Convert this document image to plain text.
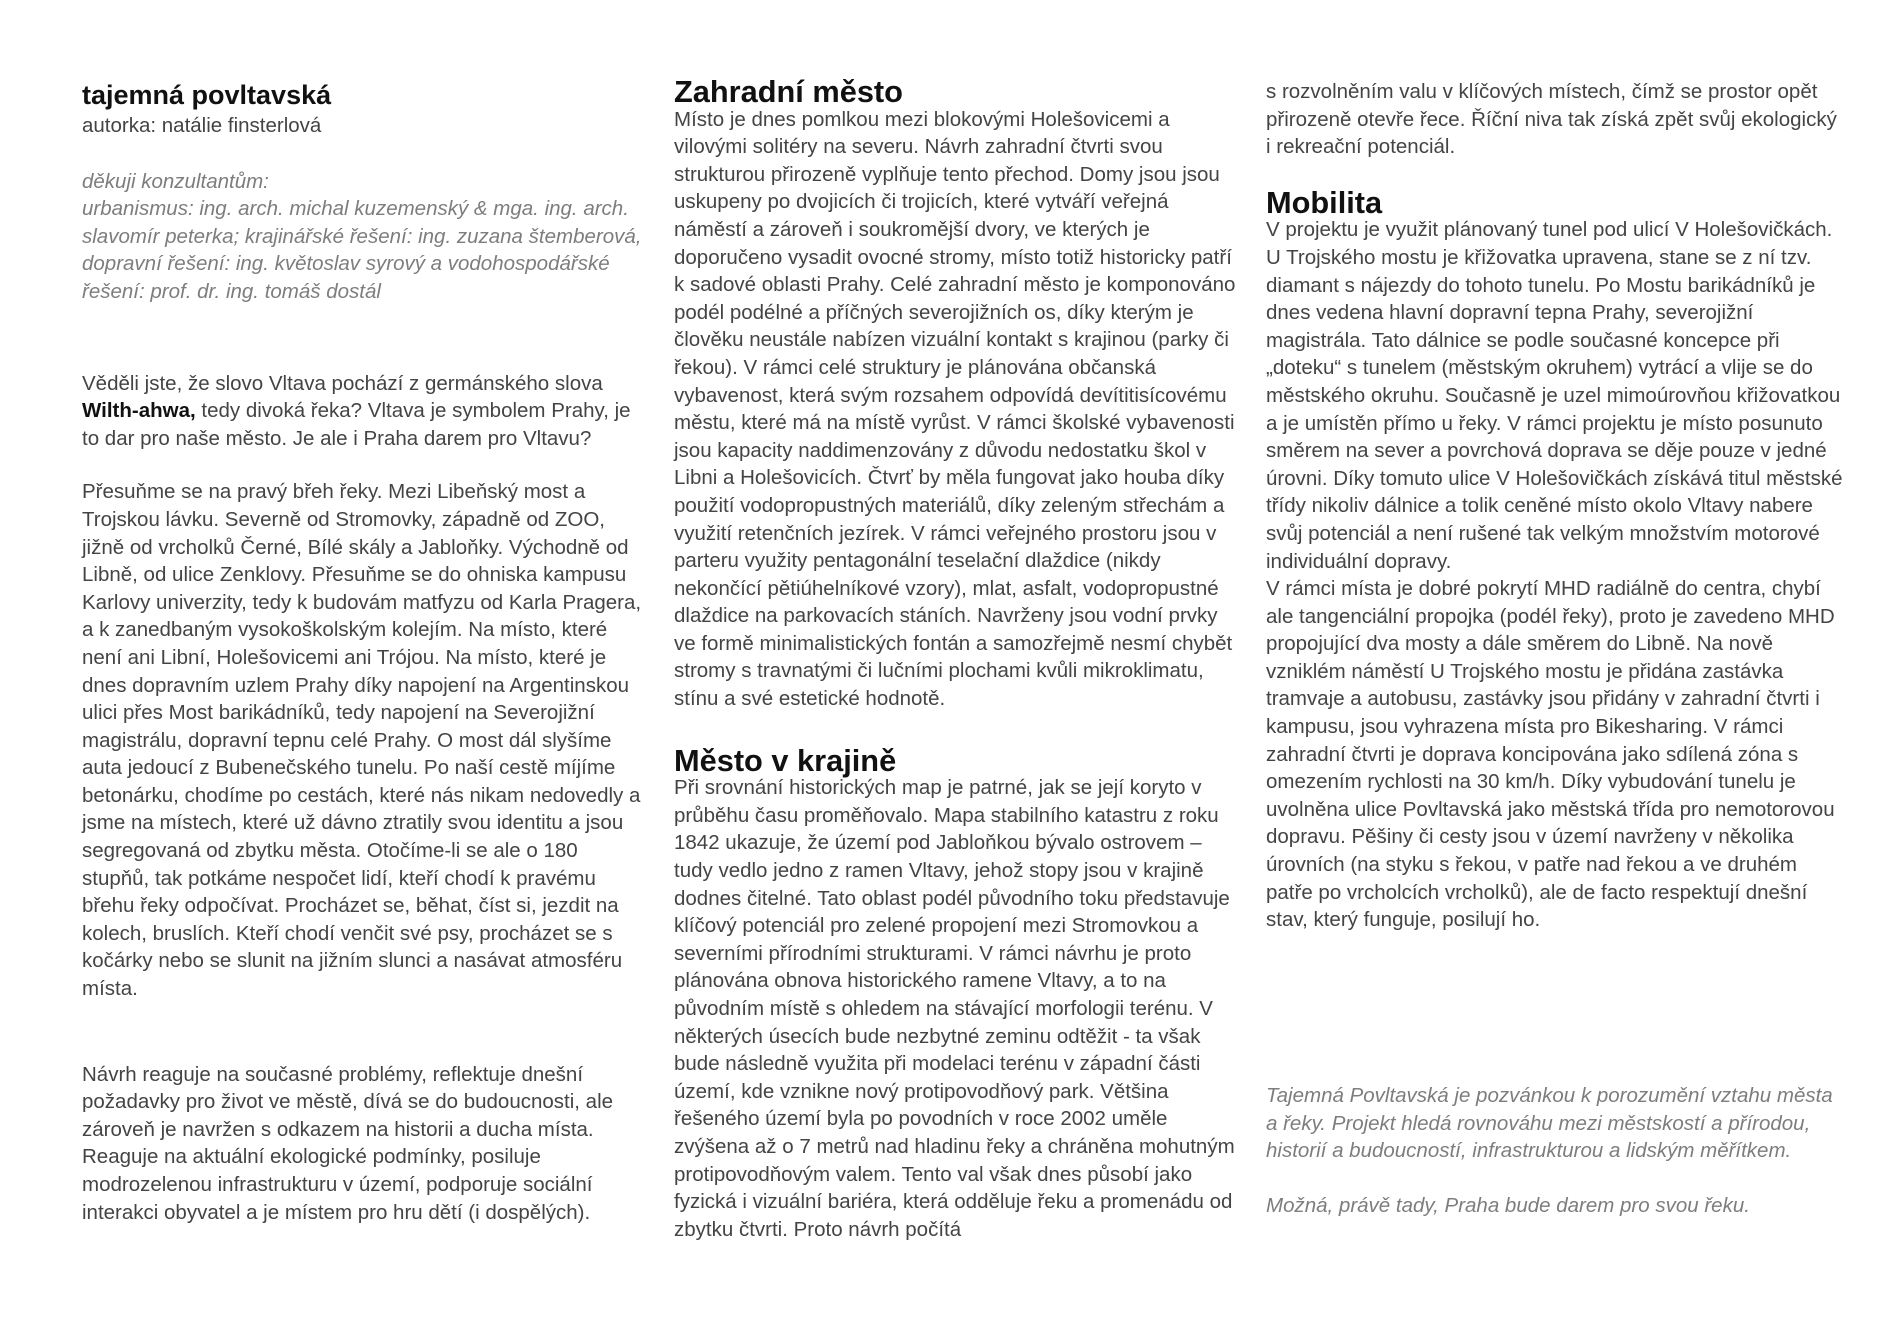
tajemná povltavská

autorka: natálie finsterlová

děkuji konzultantům:

urbanismus: ing. arch. michal kuzemenský & mga. ing. arch. slavomír peterka; krajinářské řešení: ing. zuzana štemberová, dopravní řešení: ing. květoslav syrový a vodohospodářské řešení: prof. dr. ing. tomáš dostál

Věděli jste, že slovo Vltava pochází z germánského slova Wilth-ahwa, tedy divoká řeka? Vltava je symbolem Prahy, je to dar pro naše město. Je ale i Praha darem pro Vltavu?

Přesuňme se na pravý břeh řeky. Mezi Libeňský most a Trojskou lávku. Severně od Stromovky, západně od ZOO, jižně od vrcholků Černé, Bílé skály a Jabloňky. Východně od Libně, od ulice Zenklovy. Přesuňme se do ohniska kampusu Karlovy univerzity, tedy k budovám matfyzu od Karla Pragera, a k zanedbaným vysokoškolským kolejím. Na místo, které není ani Libní, Holešovicemi ani Trójou. Na místo, které je dnes dopravním uzlem Prahy díky napojení na Argentinskou ulici přes Most barikádníků, tedy napojení na Severojižní magistrálu, dopravní tepnu celé Prahy. O most dál slyšíme auta jedoucí z Bubenečského tunelu. Po naší cestě míjíme betonárku, chodíme po cestách, které nás nikam nedovedly a jsme na místech, které už dávno ztratily svou identitu a jsou segregovaná od zbytku města. Otočíme-li se ale o 180 stupňů, tak potkáme nespočet lidí, kteří chodí k pravému břehu řeky odpočívat. Procházet se, běhat, číst si, jezdit na kolech, bruslích. Kteří chodí venčit své psy, procházet se s kočárky nebo se slunit na jižním slunci a nasávat atmosféru místa.

Návrh reaguje na současné problémy, reflektuje dnešní požadavky pro život ve městě, dívá se do budoucnosti, ale zároveň je navržen s odkazem na historii a ducha místa. Reaguje na aktuální ekologické podmínky, posiluje modrozelenou infrastrukturu v území, podporuje sociální interakci obyvatel a je místem pro hru dětí (i dospělých).

Zahradní město

Místo je dnes pomlkou mezi blokovými Holešovicemi a vilovými solitéry na severu. Návrh zahradní čtvrti svou strukturou přirozeně vyplňuje tento přechod. Domy jsou jsou uskupeny po dvojicích či trojicích, které vytváří veřejná náměstí a zároveň i soukromější dvory, ve kterých je doporučeno vysadit ovocné stromy, místo totiž historicky patří k sadové oblasti Prahy. Celé zahradní město je komponováno podél podélné a příčných severojižních os, díky kterým je člověku neustále nabízen vizuální kontakt s krajinou (parky či řekou). V rámci celé struktury je plánována občanská vybavenost, která svým rozsahem odpovídá devítitisícovému městu, které má na místě vyrůst. V rámci školské vybavenosti jsou kapacity naddimenzovány z důvodu nedostatku škol v Libni a Holešovicích. Čtvrť by měla fungovat jako houba díky použití vodopropustných materiálů, díky zeleným střechám a využití retenčních jezírek. V rámci veřejného prostoru jsou v parteru využity pentagonální teselační dlaždice (nikdy nekončící pětiúhelníkové vzory), mlat, asfalt, vodopropustné dlaždice na parkovacích stáních. Navrženy jsou vodní prvky ve formě minimalistických fontán a samozřejmě nesmí chybět stromy s travnatými či lučními plochami kvůli mikroklimatu, stínu a své estetické hodnotě.

Město v krajině

Při srovnání historických map je patrné, jak se její koryto v průběhu času proměňovalo. Mapa stabilního katastru z roku 1842 ukazuje, že území pod Jabloňkou bývalo ostrovem – tudy vedlo jedno z ramen Vltavy, jehož stopy jsou v krajině dodnes čitelné. Tato oblast podél původního toku představuje klíčový potenciál pro zelené propojení mezi Stromovkou a severními přírodními strukturami. V rámci návrhu je proto plánována obnova historického ramene Vltavy, a to na původním místě s ohledem na stávající morfologii terénu. V některých úsecích bude nezbytné zeminu odtěžit - ta však bude následně využita při modelaci terénu v západní části území, kde vznikne nový protipovodňový park. Většina řešeného území byla po povodních v roce 2002 uměle zvýšena až o 7 metrů nad hladinu řeky a chráněna mohutným protipovodňovým valem. Tento val však dnes působí jako fyzická i vizuální bariéra, která odděluje řeku a promenádu od zbytku čtvrti. Proto návrh počítá

s rozvolněním valu v klíčových místech, čímž se prostor opět přirozeně otevře řece. Říční niva tak získá zpět svůj ekologický i rekreační potenciál.

Mobilita

V projektu je využit plánovaný tunel pod ulicí V Holešovičkách. U Trojského mostu je křižovatka upravena, stane se z ní tzv. diamant s nájezdy do tohoto tunelu. Po Mostu barikádníků je dnes vedena hlavní dopravní tepna Prahy, severojižní magistrála. Tato dálnice se podle současné koncepce při „doteku“ s tunelem (městským okruhem) vytrácí a vlije se do městského okruhu. Současně je uzel mimoúrovňou křižovatkou a je umístěn přímo u řeky. V rámci projektu je místo posunuto směrem na sever a povrchová doprava se děje pouze v jedné úrovni. Díky tomuto ulice V Holešovičkách získává titul městské třídy nikoliv dálnice a tolik ceněné místo okolo Vltavy nabere svůj potenciál a není rušené tak velkým množstvím motorové individuální dopravy.

V rámci místa je dobré pokrytí MHD radiálně do centra, chybí ale tangenciální propojka (podél řeky), proto je zavedeno MHD propojující dva mosty a dále směrem do Libně. Na nově vzniklém náměstí U Trojského mostu je přidána zastávka tramvaje a autobusu, zastávky jsou přidány v zahradní čtvrti i kampusu, jsou vyhrazena místa pro Bikesharing. V rámci zahradní čtvrti je doprava koncipována jako sdílená zóna s omezením rychlosti na 30 km/h. Díky vybudování tunelu je uvolněna ulice Povltavská jako městská třída pro nemotorovou dopravu. Pěšiny či cesty jsou v území navrženy v několika úrovních (na styku s řekou, v patře nad řekou a ve druhém patře po vrcholcích vrcholků), ale de facto respektují dnešní stav, který funguje, posilují ho.

Tajemná Povltavská je pozvánkou k porozumění vztahu města a řeky. Projekt hledá rovnováhu mezi městskostí a přírodou, historií a budoucností, infrastrukturou a lidským měřítkem.

Možná, právě tady, Praha bude darem pro svou řeku.
